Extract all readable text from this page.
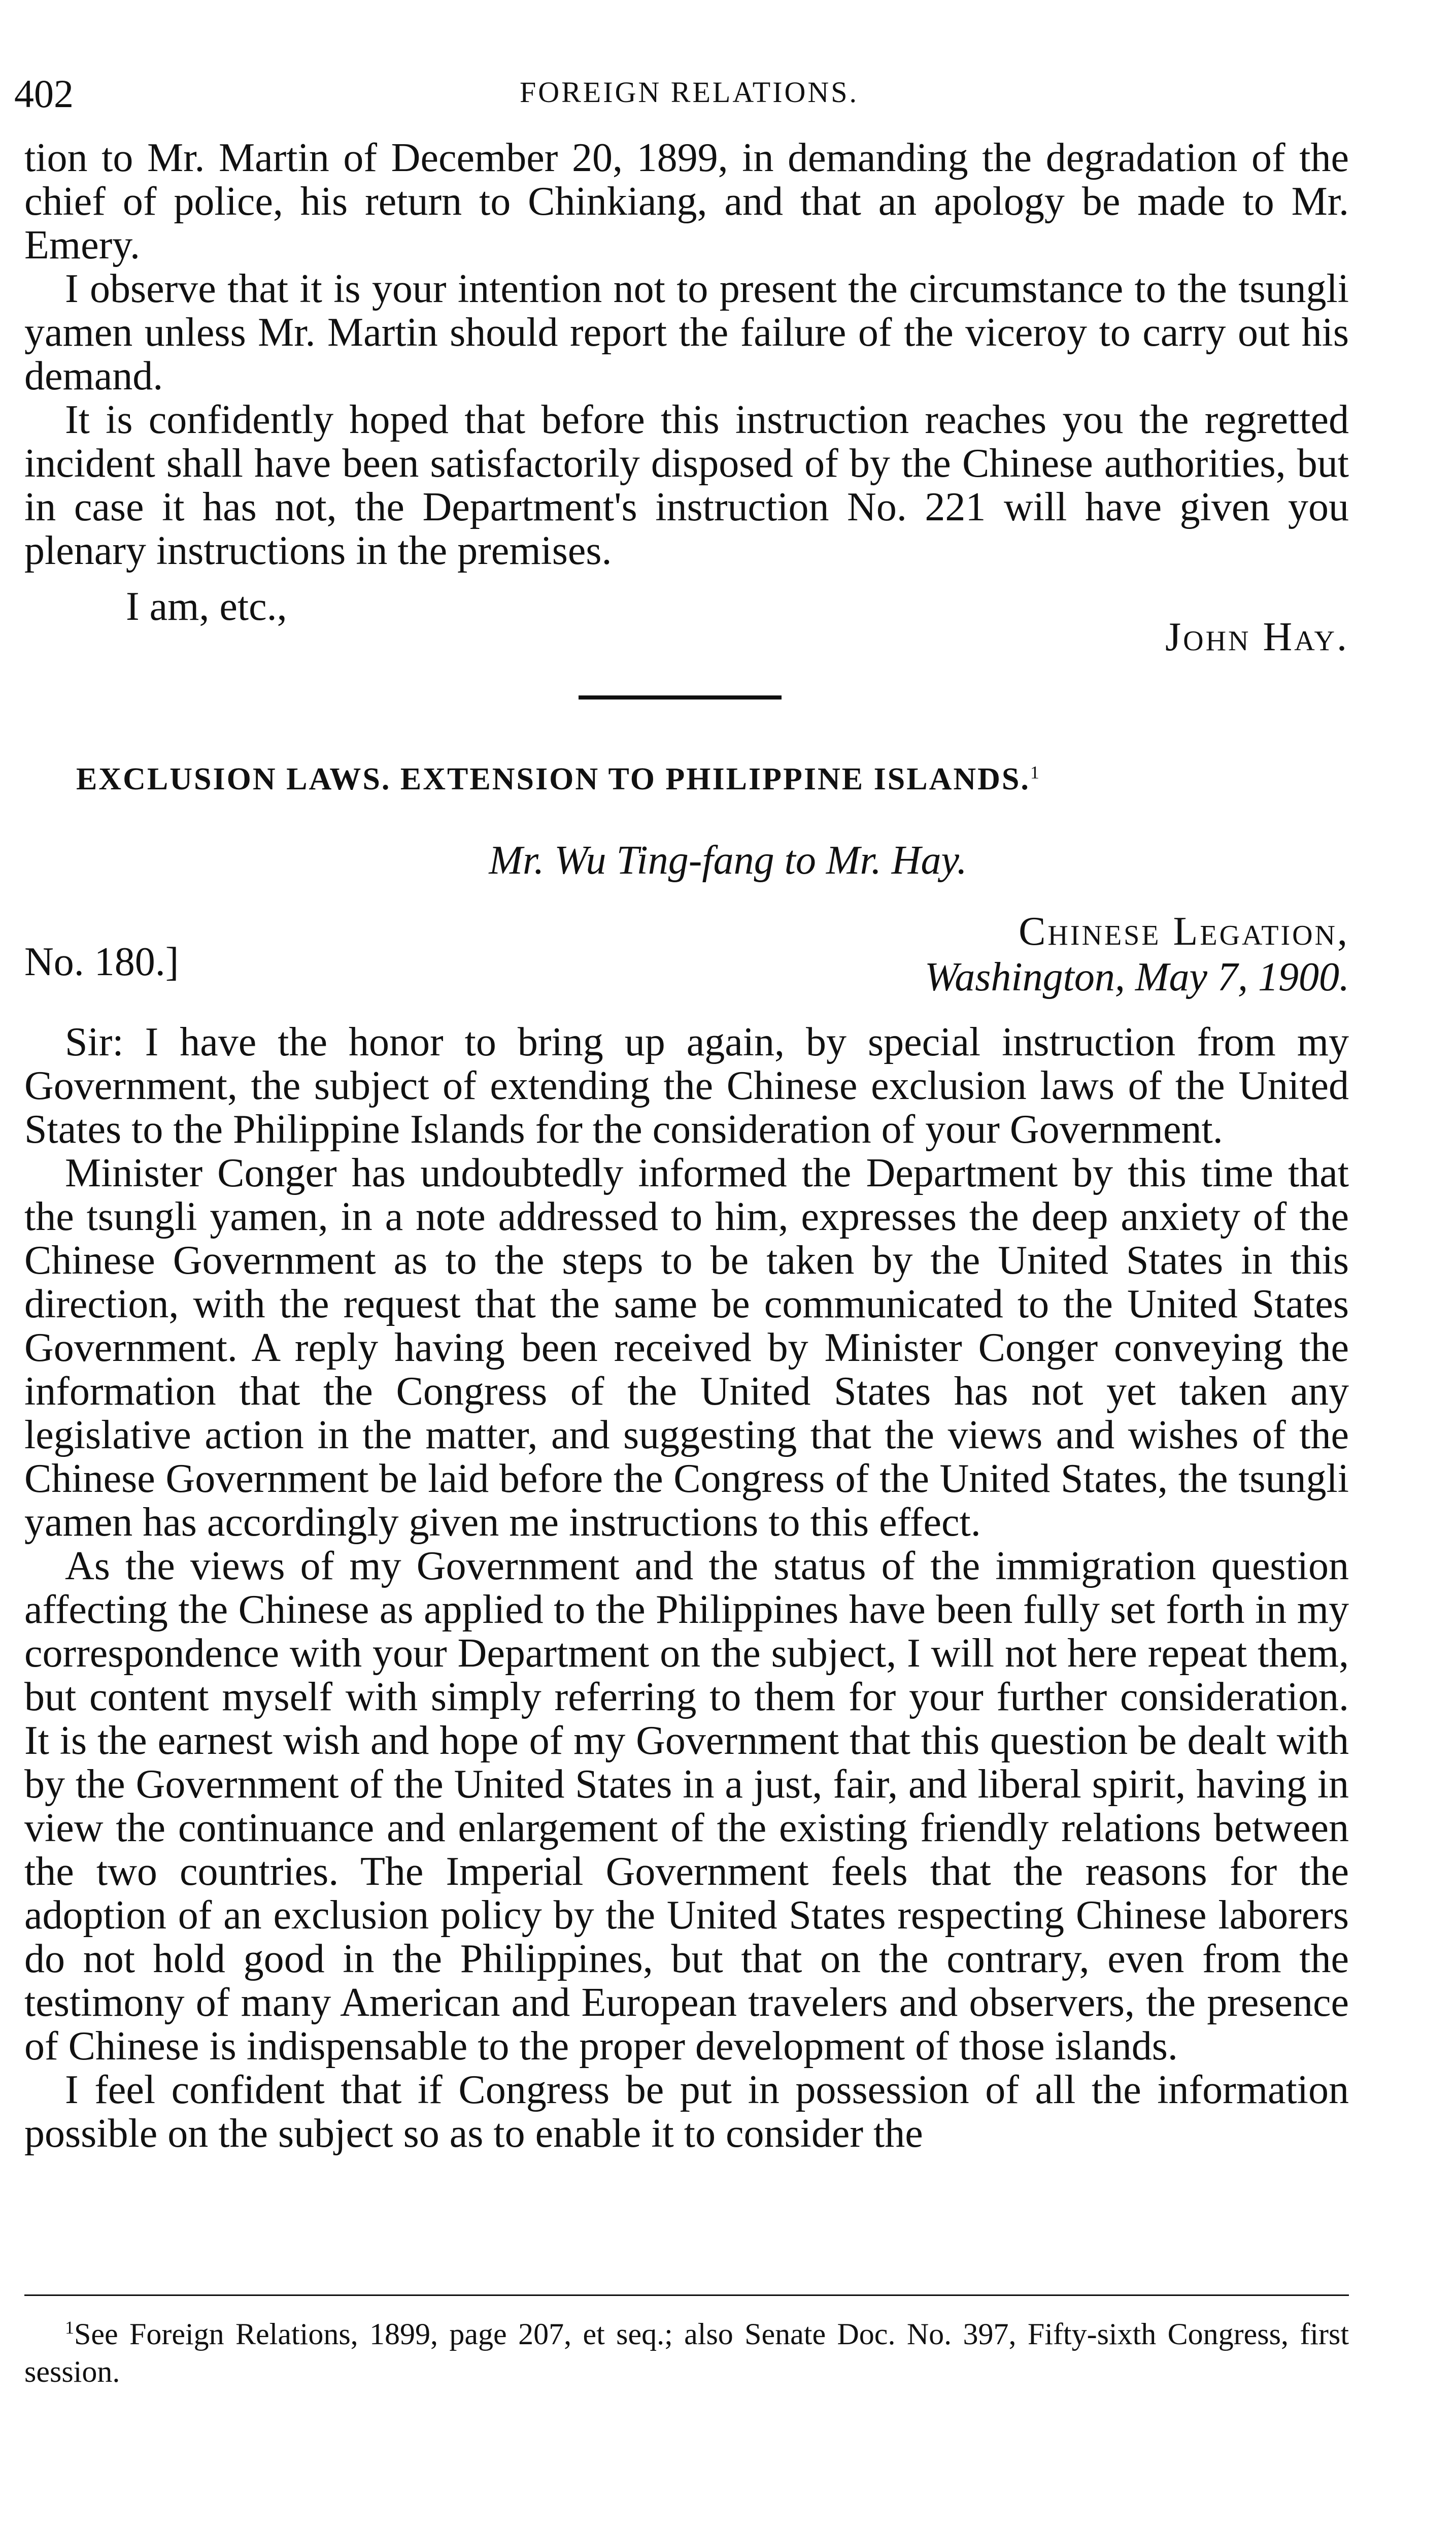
402	FOREIGN RELATIONS.

tion to Mr. Martin of December 20, 1899, in demanding the degradation of the chief of police, his return to Chinkiang, and that an apology be made to Mr. Emery.

I observe that it is your intention not to present the circumstance to the tsungli yamen unless Mr. Martin should report the failure of the viceroy to carry out his demand.

It is confidently hoped that before this instruction reaches you the regretted incident shall have been satisfactorily disposed of by the Chinese authorities, but in case it has not, the Department's instruction No. 221 will have given you plenary instructions in the premises.

I am, etc.,
John Hay.
EXCLUSION LAWS. EXTENSION TO PHILIPPINE ISLANDS.$^1$
Mr. Wu Ting-fang to Mr. Hay.
No. 180.]
Chinese Legation,
Washington, May 7, 1900.

Sir: I have the honor to bring up again, by special instruction from my Government, the subject of extending the Chinese exclusion laws of the United States to the Philippine Islands for the consideration of your Government.

Minister Conger has undoubtedly informed the Department by this time that the tsungli yamen, in a note addressed to him, expresses the deep anxiety of the Chinese Government as to the steps to be taken by the United States in this direction, with the request that the same be communicated to the United States Government. A reply having been received by Minister Conger conveying the information that the Congress of the United States has not yet taken any legislative action in the matter, and suggesting that the views and wishes of the Chinese Government be laid before the Congress of the United States, the tsungli yamen has accordingly given me instructions to this effect.

As the views of my Government and the status of the immigration question affecting the Chinese as applied to the Philippines have been fully set forth in my correspondence with your Department on the subject, I will not here repeat them, but content myself with simply referring to them for your further consideration. It is the earnest wish and hope of my Government that this question be dealt with by the Government of the United States in a just, fair, and liberal spirit, having in view the continuance and enlargement of the existing friendly relations between the two countries. The Imperial Government feels that the reasons for the adoption of an exclusion policy by the United States respecting Chinese laborers do not hold good in the Philippines, but that on the contrary, even from the testimony of many American and European travelers and observers, the presence of Chinese is indispensable to the proper development of those islands.

I feel confident that if Congress be put in possession of all the information possible on the subject so as to enable it to consider the

$^1$See Foreign Relations, 1899, page 207, et seq.; also Senate Doc. No. 397, Fifty-sixth Congress, first session.
